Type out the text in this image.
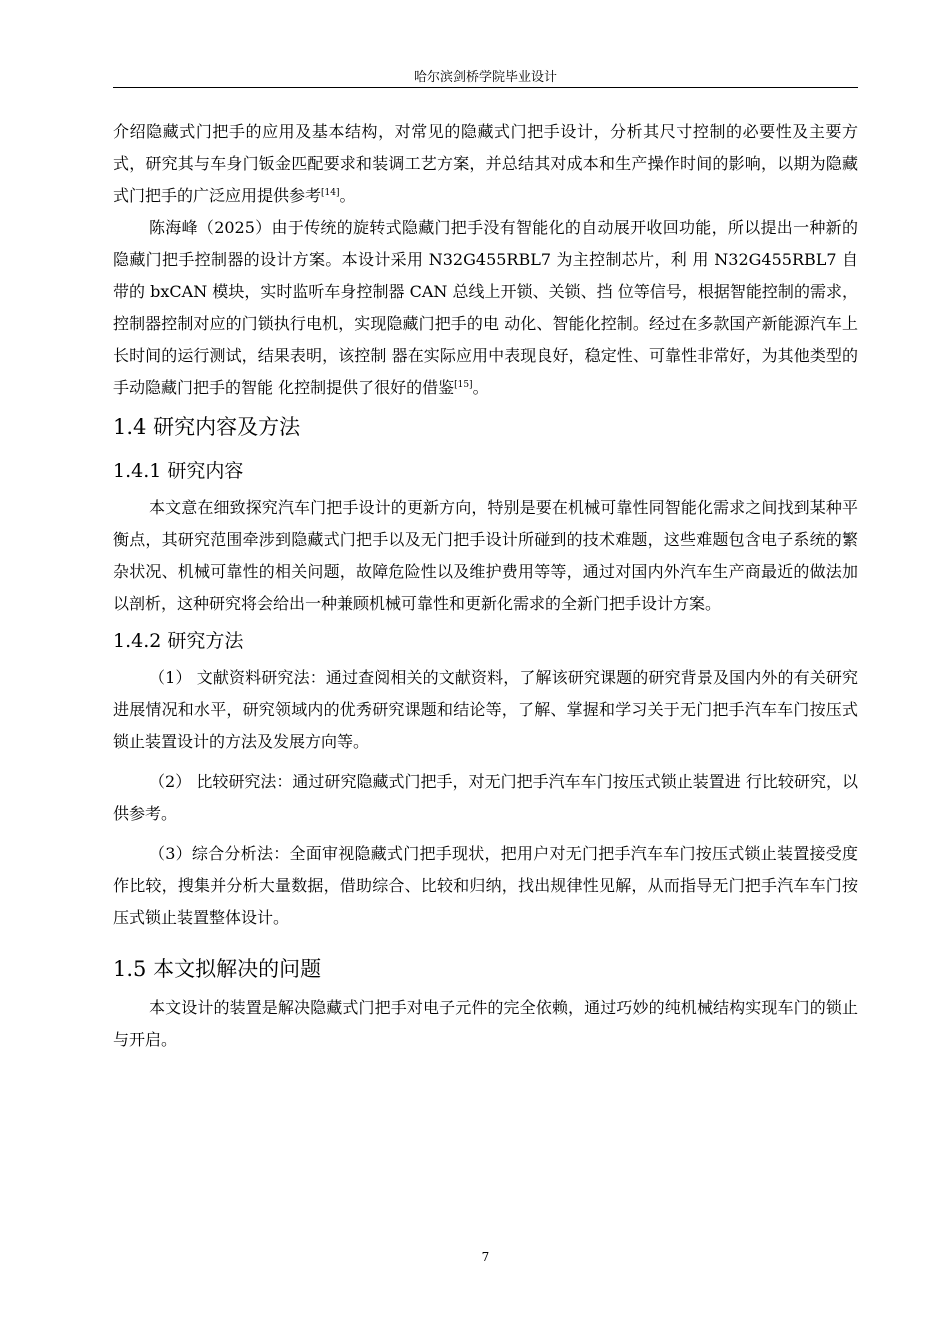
哈尔滨剑桥学院毕业设计

介绍隐藏式门把手的应用及基本结构，对常见的隐藏式门把手设计，分析其尺寸控制的必要性及主要方式，研究其与车身门钣金匹配要求和装调工艺方案，并总结其对成本和生产操作时间的影响，以期为隐藏式门把手的广泛应用提供参考[14]。

陈海峰（2025）由于传统的旋转式隐藏门把手没有智能化的自动展开收回功能，所以提出一种新的隐藏门把手控制器的设计方案。本设计采用 N32G455RBL7 为主控制芯片，利 用 N32G455RBL7 自带的 bxCAN 模块，实时监听车身控制器 CAN 总线上开锁、关锁、挡 位等信号，根据智能控制的需求，控制器控制对应的门锁执行电机，实现隐藏门把手的电 动化、智能化控制。经过在多款国产新能源汽车上长时间的运行测试，结果表明，该控制 器在实际应用中表现良好，稳定性、可靠性非常好，为其他类型的手动隐藏门把手的智能 化控制提供了很好的借鉴[15]。

1.4 研究内容及方法
1.4.1 研究内容

本文意在细致探究汽车门把手设计的更新方向，特别是要在机械可靠性同智能化需求之间找到某种平衡点，其研究范围牵涉到隐藏式门把手以及无门把手设计所碰到的技术难题，这些难题包含电子系统的繁杂状况、机械可靠性的相关问题，故障危险性以及维护费用等等，通过对国内外汽车生产商最近的做法加以剖析，这种研究将会给出一种兼顾机械可靠性和更新化需求的全新门把手设计方案。

1.4.2 研究方法

（1） 文献资料研究法：通过查阅相关的文献资料，了解该研究课题的研究背景及国内外的有关研究进展情况和水平，研究领域内的优秀研究课题和结论等，了解、掌握和学习关于无门把手汽车车门按压式锁止装置设计的方法及发展方向等。

（2） 比较研究法：通过研究隐藏式门把手，对无门把手汽车车门按压式锁止装置进 行比较研究，以供参考。

（3）综合分析法：全面审视隐藏式门把手现状，把用户对无门把手汽车车门按压式锁止装置接受度作比较，搜集并分析大量数据，借助综合、比较和归纳，找出规律性见解，从而指导无门把手汽车车门按压式锁止装置整体设计。

1.5 本文拟解决的问题

本文设计的装置是解决隐藏式门把手对电子元件的完全依赖，通过巧妙的纯机械结构实现车门的锁止与开启。

7
